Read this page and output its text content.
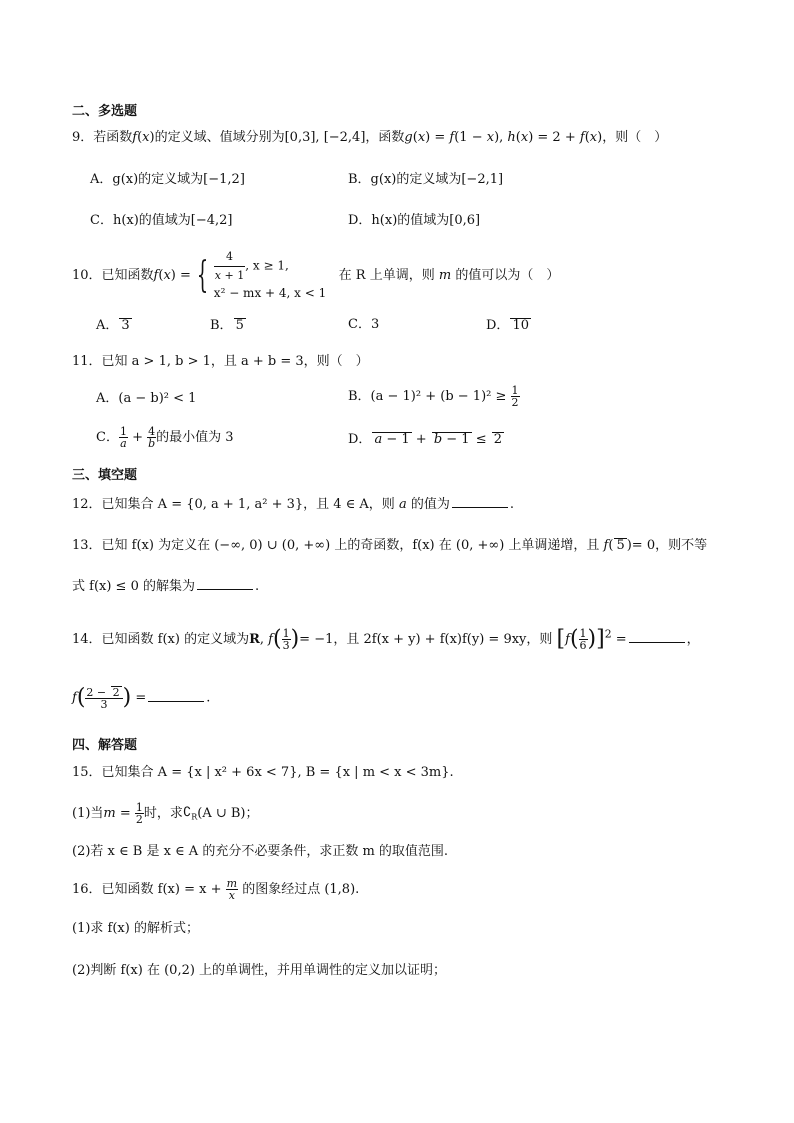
二、多选题
9．若函数f(x)的定义域、值域分别为[0,3], [−2,4]，函数g(x) = f(1 − x), h(x) = 2 + f(x)，则（　）
A．g(x)的定义域为[−1,2]	B．g(x)的定义域为[−2,1]
C．h(x)的值域为[−4,2]	D．h(x)的值域为[0,6]
10．已知函数f(x) = { $\frac{4}{x + 1}$ , x ≥ 1,
x² − mx + 4, x < 1   在 R 上单调，则 m 的值可以为（　）
A． 3	B． 5	C．3	D． 10
11．已知 a > 1, b > 1，且 a + b = 3，则（　）
A．(a − b)² < 1	B．$(a - 1)^2 + (b - 1)^2 \ge \frac{1}{2}$
C． $\frac{1}{a} + \frac{4}{b}$ 的最小值为 3	D． a − 1 + b − 1 ≤ 2
三、填空题
12．已知集合 A = {0, a + 1, a² + 3}，且 4 ∈ A，则 a 的值为	.
13．已知 f(x) 为定义在 (−∞, 0) ∪ (0, +∞) 上的奇函数，f(x) 在 (0, +∞) 上单调递增，且 f( 5 )= 0，则不等
式 f(x) ≤ 0 的解集为	.
14．已知函数 f(x) 的定义域为R, $f( \frac{1}{3}$ )= −1，且 2f(x + y) + f(x)f(y) = 9xy，则 $[f( \frac{1}{6} )]^2$ =	，
$f( \frac{2 - 2}{3}$ ) =	.
四、解答题
15．已知集合 A = {x | x² + 6x < 7}, B = {x | m < x < 3m}.
(1)当$m = \frac{1}{2}$ 时，求$∁_R(A$ ∪ B)；
(2)若 x ∈ B 是 x ∈ A 的充分不必要条件，求正数 m 的取值范围.
16．已知函数 $f(x) = x + \frac{m}{x}$ 的图象经过点 (1,8).
(1)求 f(x) 的解析式；
(2)判断 f(x) 在 (0,2) 上的单调性，并用单调性的定义加以证明；
